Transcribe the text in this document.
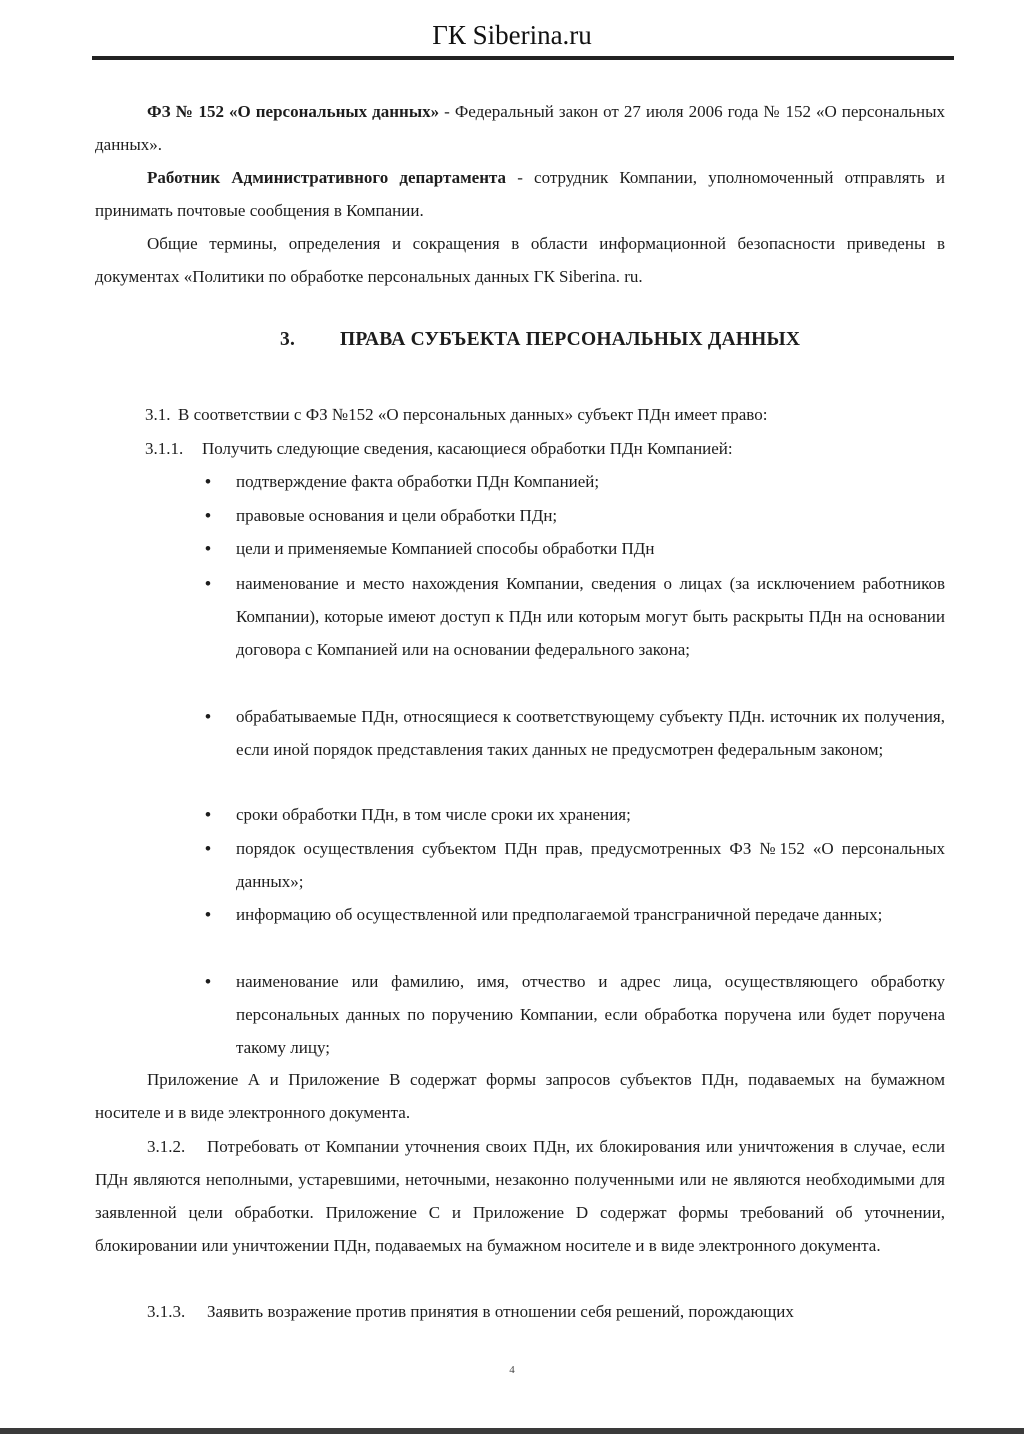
ГК Siberina.ru

ФЗ № 152 «О персональных данных» - Федеральный закон от 27 июля 2006 года № 152 «О персональных данных».

Работник Административного департамента - сотрудник Компании, уполномоченный отправлять и принимать почтовые сообщения в Компании.

Общие термины, определения и сокращения в области информационной безопасности приведены в документах «Политики по обработке персональных данных ГК Siberina. ru.

3. ПРАВА СУБЪЕКТА ПЕРСОНАЛЬНЫХ ДАННЫХ
3.1. В соответствии с ФЗ №152 «О персональных данных» субъект ПДн имеет право:
3.1.1. Получить следующие сведения, касающиеся обработки ПДн Компанией:
• подтверждение факта обработки ПДн Компанией;
• правовые основания и цели обработки ПДн;
• цели и применяемые Компанией способы обработки ПДн
• наименование и место нахождения Компании, сведения о лицах (за исключением работников Компании), которые имеют доступ к ПДн или которым могут быть раскрыты ПДн на основании договора с Компанией или на основании федерального закона;
• обрабатываемые ПДн, относящиеся к соответствующему субъекту ПДн. источник их получения, если иной порядок представления таких данных не предусмотрен федеральным законом;
• сроки обработки ПДн, в том числе сроки их хранения;
• порядок осуществления субъектом ПДн прав, предусмотренных ФЗ №152 «О персональных данных»;
• информацию об осуществленной или предполагаемой трансграничной передаче данных;
• наименование или фамилию, имя, отчество и адрес лица, осуществляющего обработку персональных данных по поручению Компании, если обработка поручена или будет поручена такому лицу;

Приложение А и Приложение В содержат формы запросов субъектов ПДн, подаваемых на бумажном носителе и в виде электронного документа.

3.1.2. Потребовать от Компании уточнения своих ПДн, их блокирования или уничтожения в случае, если ПДн являются неполными, устаревшими, неточными, незаконно полученными или не являются необходимыми для заявленной цели обработки. Приложение С и Приложение D содержат формы требований об уточнении, блокировании или уничтожении ПДн, подаваемых на бумажном носителе и в виде электронного документа.

3.1.3. Заявить возражение против принятия в отношении себя решений, порождающих

4
